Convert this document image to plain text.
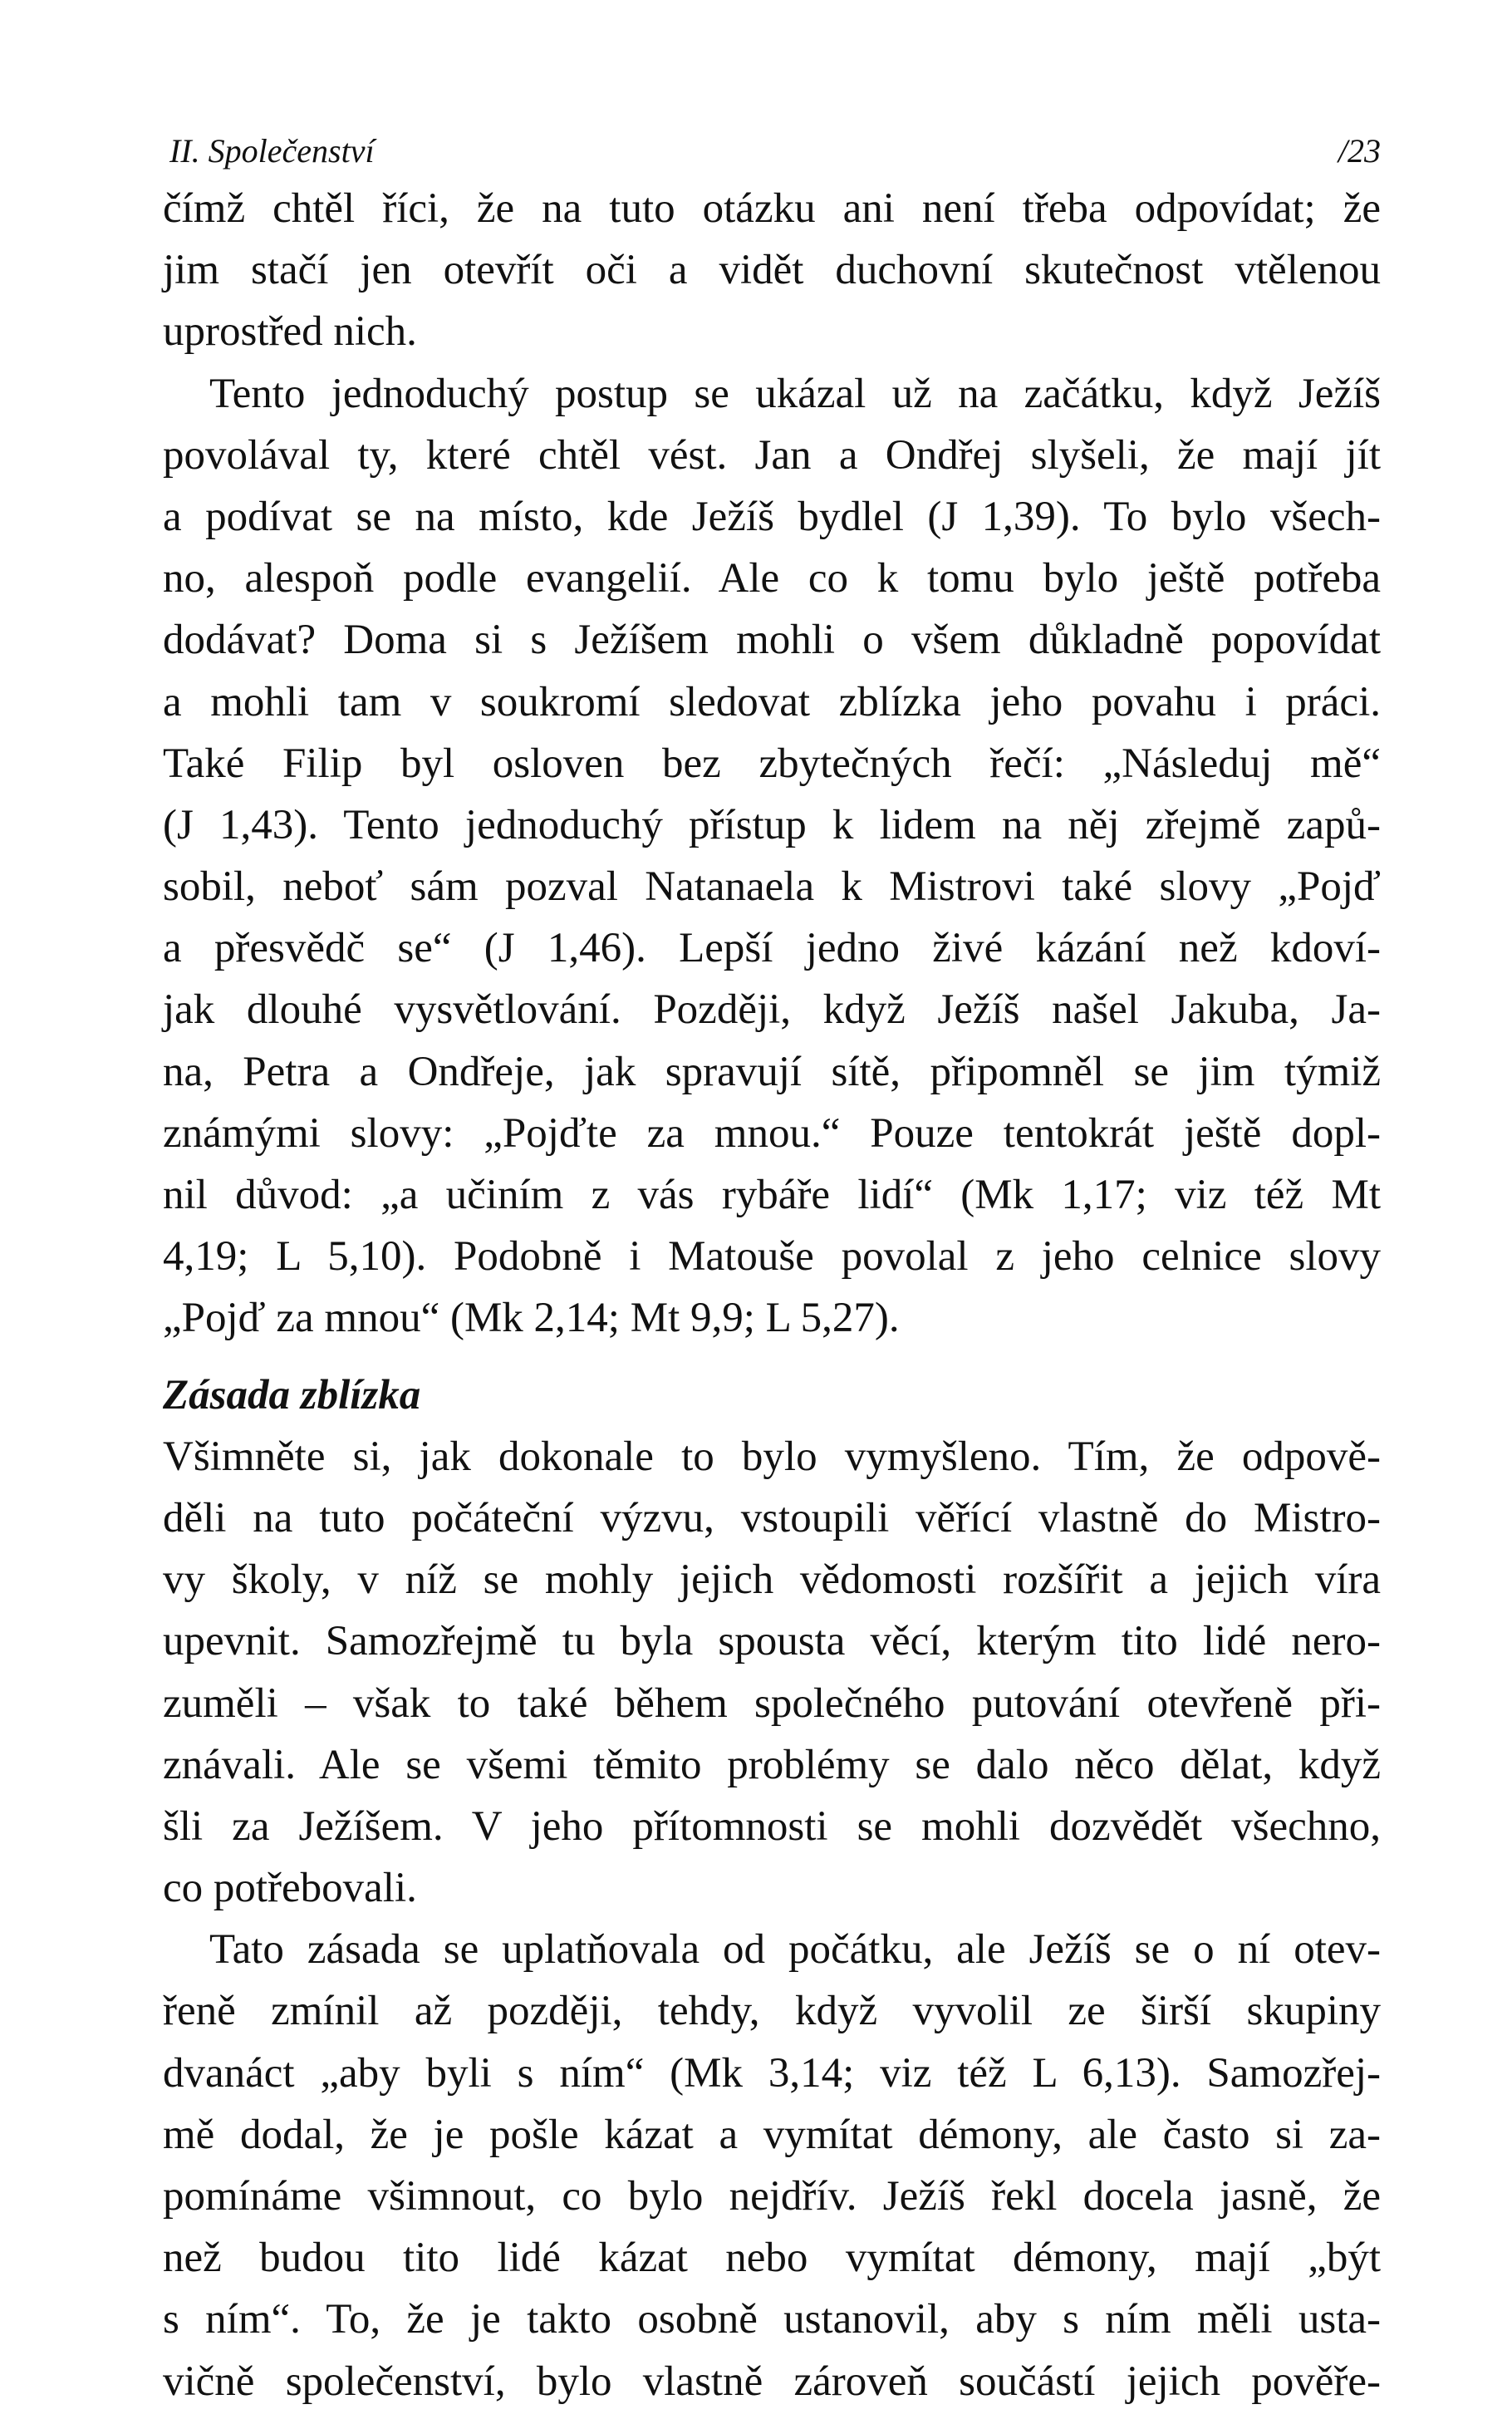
II. Společenství	/23
čímž chtěl říci, že na tuto otázku ani není třeba odpovídat; že
jim stačí jen otevřít oči a vidět duchovní skutečnost vtělenou
uprostřed nich.
Tento jednoduchý postup se ukázal už na začátku, když Ježíš
povolával ty, které chtěl vést. Jan a Ondřej slyšeli, že mají jít
a podívat se na místo, kde Ježíš bydlel (J 1,39). To bylo všech-
no, alespoň podle evangelií. Ale co k tomu bylo ještě potřeba
dodávat? Doma si s Ježíšem mohli o všem důkladně popovídat
a mohli tam v soukromí sledovat zblízka jeho povahu i práci.
Také Filip byl osloven bez zbytečných řečí: „Následuj mě“
(J 1,43). Tento jednoduchý přístup k lidem na něj zřejmě zapů-
sobil, neboť sám pozval Natanaela k Mistrovi také slovy „Pojď
a přesvědč se“ (J 1,46). Lepší jedno živé kázání než kdoví-
jak dlouhé vysvětlování. Později, když Ježíš našel Jakuba, Ja-
na, Petra a Ondřeje, jak spravují sítě, připomněl se jim týmiž
známými slovy: „Pojďte za mnou.“ Pouze tentokrát ještě dopl-
nil důvod: „a učiním z vás rybáře lidí“ (Mk 1,17; viz též Mt
4,19; L 5,10). Podobně i Matouše povolal z jeho celnice slovy
„Pojď za mnou“ (Mk 2,14; Mt 9,9; L 5,27).
Zásada zblízka
Všimněte si, jak dokonale to bylo vymyšleno. Tím, že odpově-
děli na tuto počáteční výzvu, vstoupili věřící vlastně do Mistro-
vy školy, v níž se mohly jejich vědomosti rozšířit a jejich víra
upevnit. Samozřejmě tu byla spousta věcí, kterým tito lidé nero-
zuměli – však to také během společného putování otevřeně při-
znávali. Ale se všemi těmito problémy se dalo něco dělat, když
šli za Ježíšem. V jeho přítomnosti se mohli dozvědět všechno,
co potřebovali.
Tato zásada se uplatňovala od počátku, ale Ježíš se o ní otev-
řeně zmínil až později, tehdy, když vyvolil ze širší skupiny
dvanáct „aby byli s ním“ (Mk 3,14; viz též L 6,13). Samozřej-
mě dodal, že je pošle kázat a vymítat démony, ale často si za-
pomínáme všimnout, co bylo nejdřív. Ježíš řekl docela jasně, že
než budou tito lidé kázat nebo vymítat démony, mají „být
s ním“. To, že je takto osobně ustanovil, aby s ním měli usta-
vičně společenství, bylo vlastně zároveň součástí jejich pověře-
